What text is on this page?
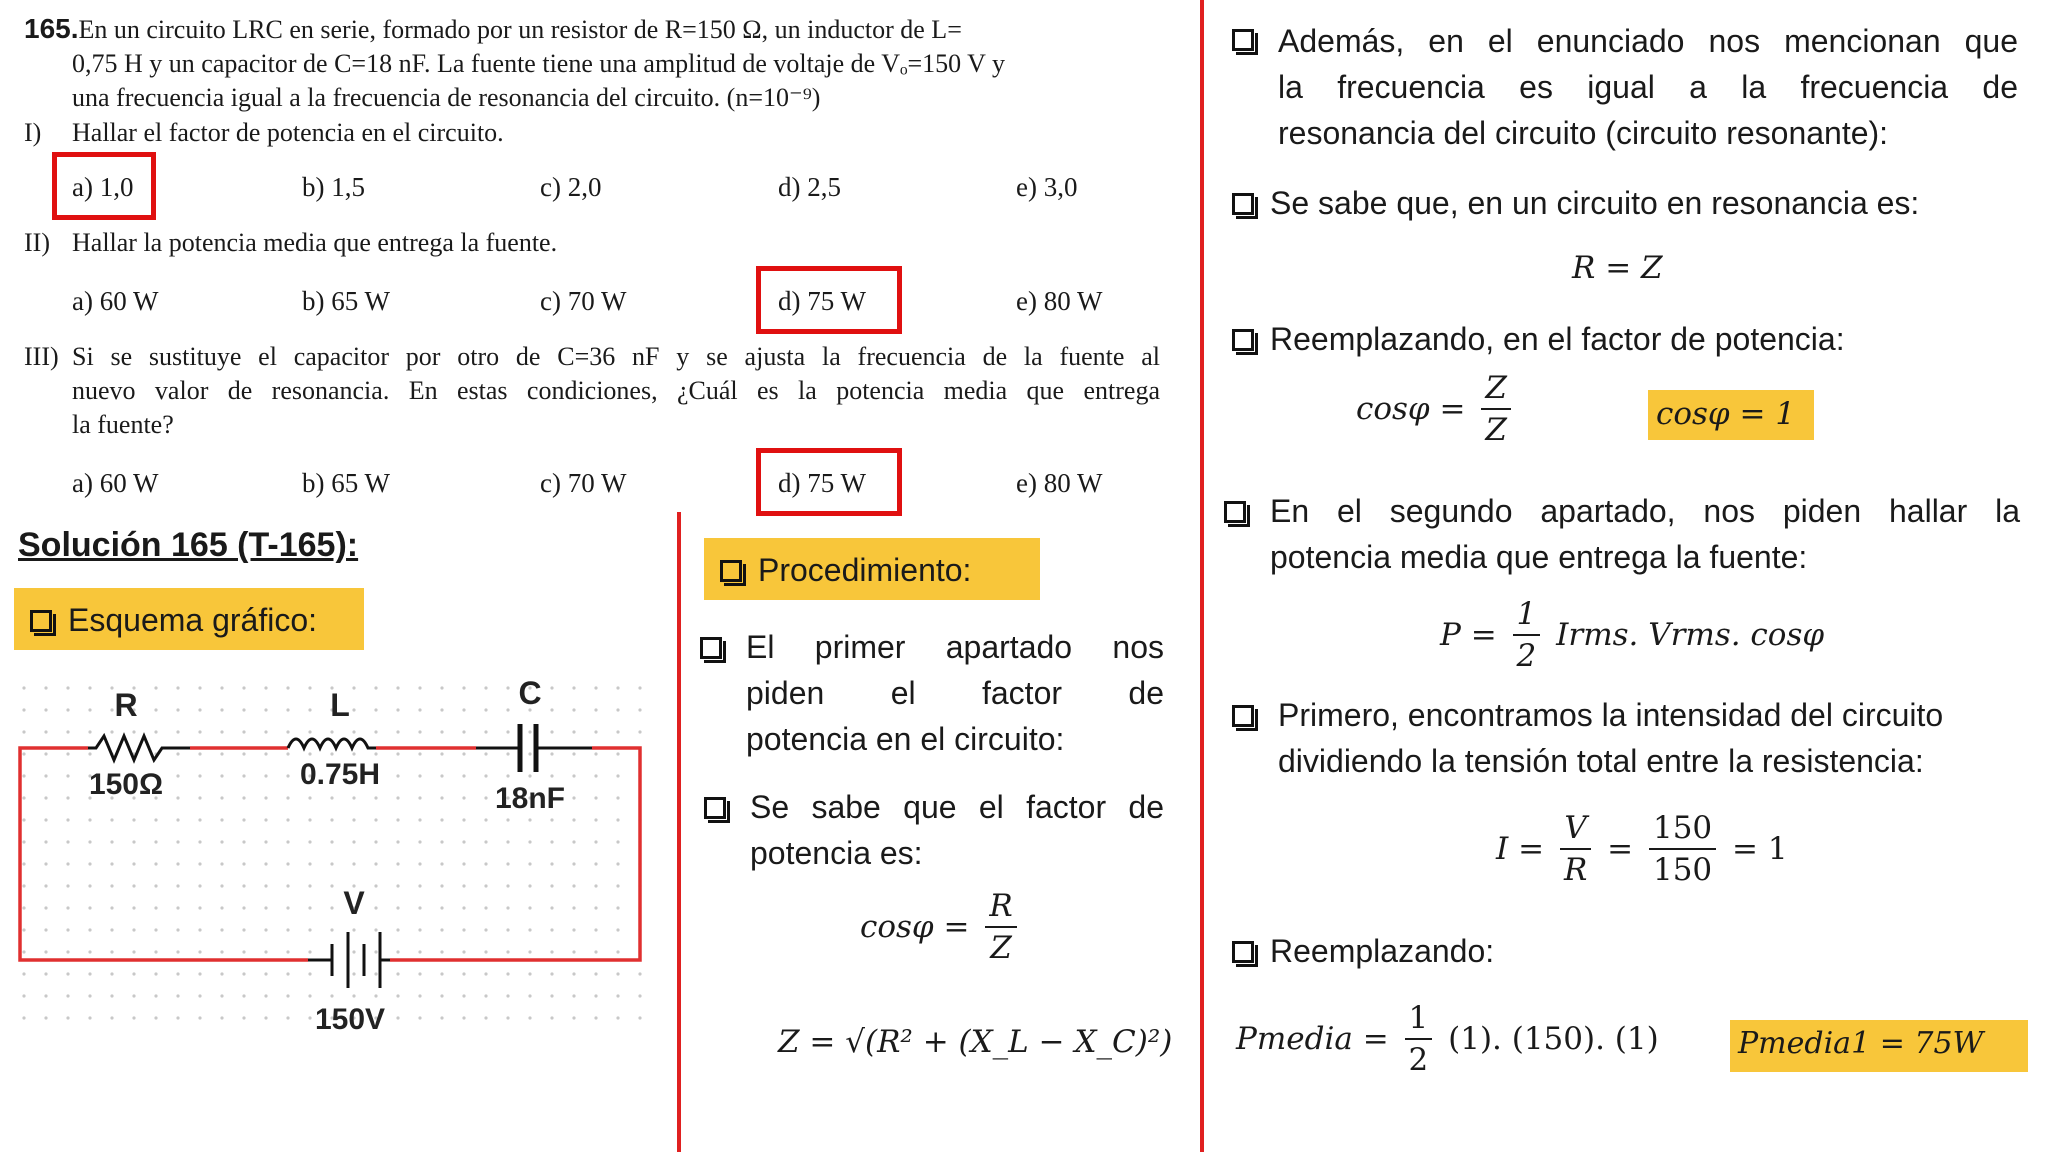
165.En un circuito LRC en serie, formado por un resistor de R=150 Ω, un inductor de L=
0,75 H y un capacitor de C=18 nF. La fuente tiene una amplitud de voltaje de Vₒ=150 V y
una frecuencia igual a la frecuencia de resonancia del circuito. (n=10⁻⁹)
I) Hallar el factor de potencia en el circuito.
a) 1,0	b) 1,5	c) 2,0	d) 2,5	e) 3,0
II) Hallar la potencia media que entrega la fuente.
a) 60 W	b) 65 W	c) 70 W	d) 75 W	e) 80 W
III) Si se sustituye el capacitor por otro de C=36 nF y se ajusta la frecuencia de la fuente al
nuevo valor de resonancia. En estas condiciones, ¿Cuál es la potencia media que entrega
la fuente?
a) 60 W	b) 65 W	c) 70 W	d) 75 W	e) 80 W
Solución 165 (T-165):
Esquema gráfico:
R
150Ω
L
0.75H
C
18nF
V
150V
Procedimiento:
El primer apartado nos
piden el factor de
potencia en el circuito:
Se sabe que el factor de
potencia es:
$\cos\varphi = \frac{R}{Z}$
Z = √(R² + (X_L − X_C)²)
Además, en el enunciado nos mencionan que
la frecuencia es igual a la frecuencia de
resonancia del circuito (circuito resonante):
Se sabe que, en un circuito en resonancia es:
R = Z
Reemplazando, en el factor de potencia:
$\cos\varphi = \frac{Z}{Z}$	cosφ = 1
En el segundo apartado, nos piden hallar la
potencia media que entrega la fuente:
$P = \frac{1}{2}$ Irms. Vrms. cosφ
Primero, encontramos la intensidad del circuito
dividiendo la tensión total entre la resistencia:
$I = \frac{V}{R} = \frac{150}{150} = 1$
Reemplazando:
Pmedia = $\frac{1}{2} (1)$. (150). (1)	Pmedia1 = 75W
